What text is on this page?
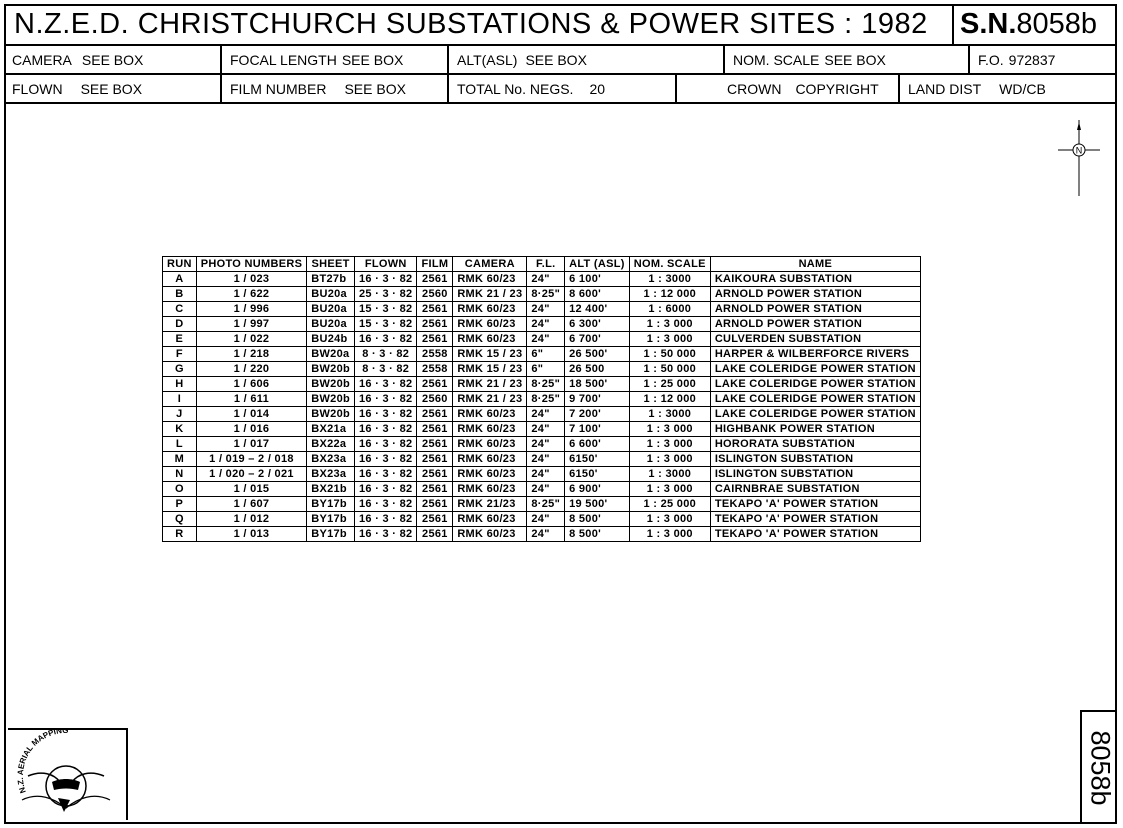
N.Z.E.D. CHRISTCHURCH SUBSTATIONS & POWER SITES : 1982 S.N.8058b
CAMERA SEE BOX	FOCAL LENGTH SEE BOX	ALT(ASL) SEE BOX	NOM. SCALE SEE BOX	F.O. 972837
FLOWN SEE BOX	FILM NUMBER SEE BOX	TOTAL No. NEGS. 20	CROWN COPYRIGHT	LAND DIST WD/CB
N
RUN	PHOTO NUMBERS	SHEET	FLOWN	FILM	CAMERA	F.L.	ALT (ASL)	NOM. SCALE	NAME
A	1 / 023	BT27b	16 · 3 · 82	2561	RMK 60/23	24"	6 100'	1 : 3000	KAIKOURA SUBSTATION
B	1 / 622	BU20a	25 · 3 · 82	2560	RMK 21 / 23	8·25"	8 600'	1 : 12 000	ARNOLD POWER STATION
C	1 / 996	BU20a	15 · 3 · 82	2561	RMK 60/23	24"	12 400'	1 : 6000	ARNOLD POWER STATION
D	1 / 997	BU20a	15 · 3 · 82	2561	RMK 60/23	24"	6 300'	1 : 3 000	ARNOLD POWER STATION
E	1 / 022	BU24b	16 · 3 · 82	2561	RMK 60/23	24"	6 700'	1 : 3 000	CULVERDEN SUBSTATION
F	1 / 218	BW20a	8 · 3 · 82	2558	RMK 15 / 23	6"	26 500'	1 : 50 000	HARPER & WILBERFORCE RIVERS
G	1 / 220	BW20b	8 · 3 · 82	2558	RMK 15 / 23	6"	26 500	1 : 50 000	LAKE COLERIDGE POWER STATION
H	1 / 606	BW20b	16 · 3 · 82	2561	RMK 21 / 23	8·25"	18 500'	1 : 25 000	LAKE COLERIDGE POWER STATION
I	1 / 611	BW20b	16 · 3 · 82	2560	RMK 21 / 23	8·25"	9 700'	1 : 12 000	LAKE COLERIDGE POWER STATION
J	1 / 014	BW20b	16 · 3 · 82	2561	RMK 60/23	24"	7 200'	1 : 3000	LAKE COLERIDGE POWER STATION
K	1 / 016	BX21a	16 · 3 · 82	2561	RMK 60/23	24"	7 100'	1 : 3 000	HIGHBANK POWER STATION
L	1 / 017	BX22a	16 · 3 · 82	2561	RMK 60/23	24"	6 600'	1 : 3 000	HORORATA SUBSTATION
M	1 / 019 – 2 / 018	BX23a	16 · 3 · 82	2561	RMK 60/23	24"	6150'	1 : 3 000	ISLINGTON SUBSTATION
N	1 / 020 – 2 / 021	BX23a	16 · 3 · 82	2561	RMK 60/23	24"	6150'	1 : 3000	ISLINGTON SUBSTATION
O	1 / 015	BX21b	16 · 3 · 82	2561	RMK 60/23	24"	6 900'	1 : 3 000	CAIRNBRAE SUBSTATION
P	1 / 607	BY17b	16 · 3 · 82	2561	RMK 21/23	8·25"	19 500'	1 : 25 000	TEKAPO 'A' POWER STATION
Q	1 / 012	BY17b	16 · 3 · 82	2561	RMK 60/23	24"	8 500'	1 : 3 000	TEKAPO 'A' POWER STATION
R	1 / 013	BY17b	16 · 3 · 82	2561	RMK 60/23	24"	8 500'	1 : 3 000	TEKAPO 'A' POWER STATION
N.Z. AERIAL MAPPING
8058b
